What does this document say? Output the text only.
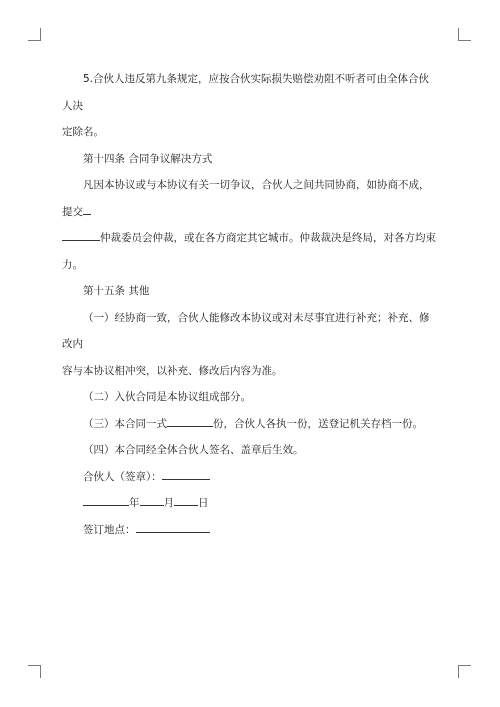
5.合伙人违反第九条规定，应按合伙实际损失赔偿劝阻不听者可由全体合伙人决

定除名。

第十四条 合同争议解决方式

凡因本协议或与本协议有关一切争议，合伙人之间共同协商，如协商不成，提交

仲裁委员会仲裁，或在各方商定其它城市。仲裁裁决是终局，对各方均束力。

第十五条 其他

（一）经协商一致，合伙人能修改本协议或对未尽事宜进行补充；补充、修改内

容与本协议相冲突，以补充、修改后内容为准。

（二）入伙合同是本协议组成部分。

（三）本合同一式	份，合伙人各执一份，送登记机关存档一份。

（四）本合同经全体合伙人签名、盖章后生效。

合伙人（签章）：

年 月 日

签订地点：
